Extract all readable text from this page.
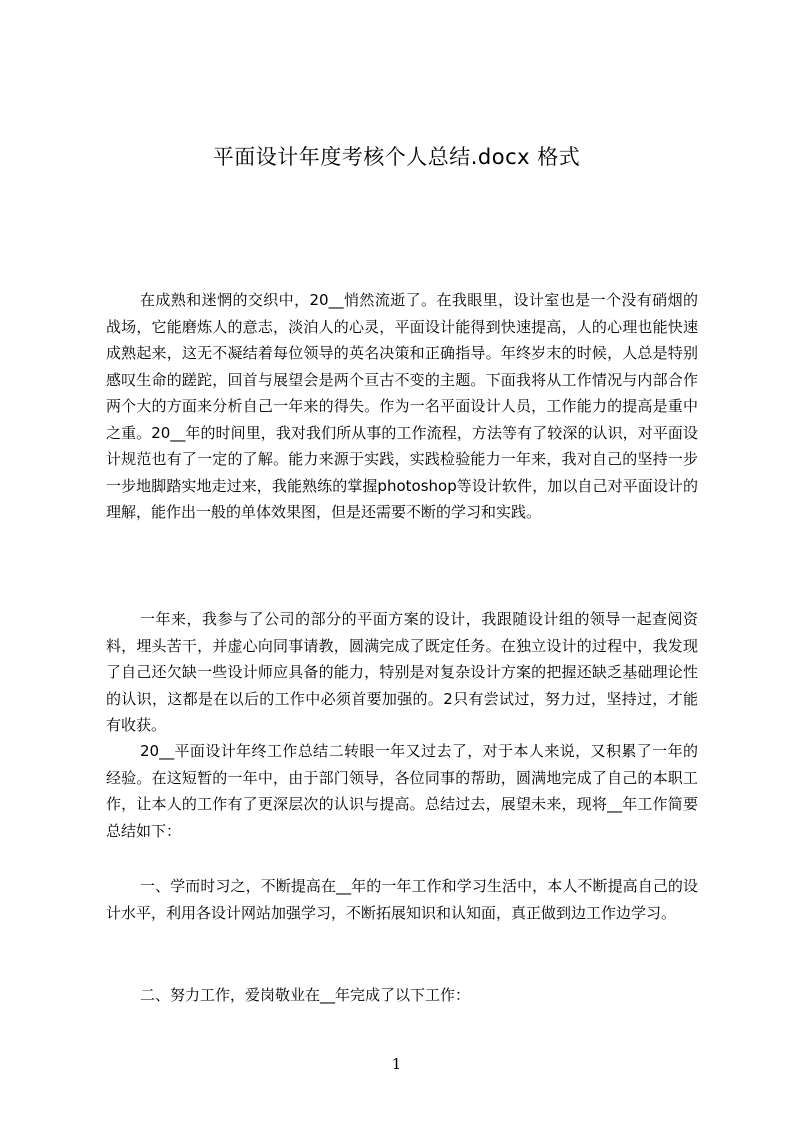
平面设计年度考核个人总结.docx 格式
在成熟和迷惘的交织中，20__悄然流逝了。在我眼里，设计室也是一个没有硝烟的战场，它能磨炼人的意志，淡泊人的心灵，平面设计能得到快速提高，人的心理也能快速成熟起来，这无不凝结着每位领导的英名决策和正确指导。年终岁末的时候，人总是特别感叹生命的蹉跎，回首与展望会是两个亘古不变的主题。下面我将从工作情况与内部合作两个大的方面来分析自己一年来的得失。作为一名平面设计人员，工作能力的提高是重中之重。20__年的时间里，我对我们所从事的工作流程，方法等有了较深的认识，对平面设计规范也有了一定的了解。能力来源于实践，实践检验能力一年来，我对自己的坚持一步一步地脚踏实地走过来，我能熟练的掌握photoshop等设计软件，加以自己对平面设计的理解，能作出一般的单体效果图，但是还需要不断的学习和实践。
一年来，我参与了公司的部分的平面方案的设计，我跟随设计组的领导一起查阅资料，埋头苦干，并虚心向同事请教，圆满完成了既定任务。在独立设计的过程中，我发现了自己还欠缺一些设计师应具备的能力，特别是对复杂设计方案的把握还缺乏基础理论性的认识，这都是在以后的工作中必须首要加强的。2只有尝试过，努力过，坚持过，才能有收获。
20__平面设计年终工作总结二转眼一年又过去了，对于本人来说，又积累了一年的经验。在这短暂的一年中，由于部门领导，各位同事的帮助，圆满地完成了自己的本职工作，让本人的工作有了更深层次的认识与提高。总结过去，展望未来，现将__年工作简要总结如下：
一、学而时习之，不断提高在__年的一年工作和学习生活中，本人不断提高自己的设计水平，利用各设计网站加强学习，不断拓展知识和认知面，真正做到边工作边学习。
二、努力工作，爱岗敬业在__年完成了以下工作：
1
